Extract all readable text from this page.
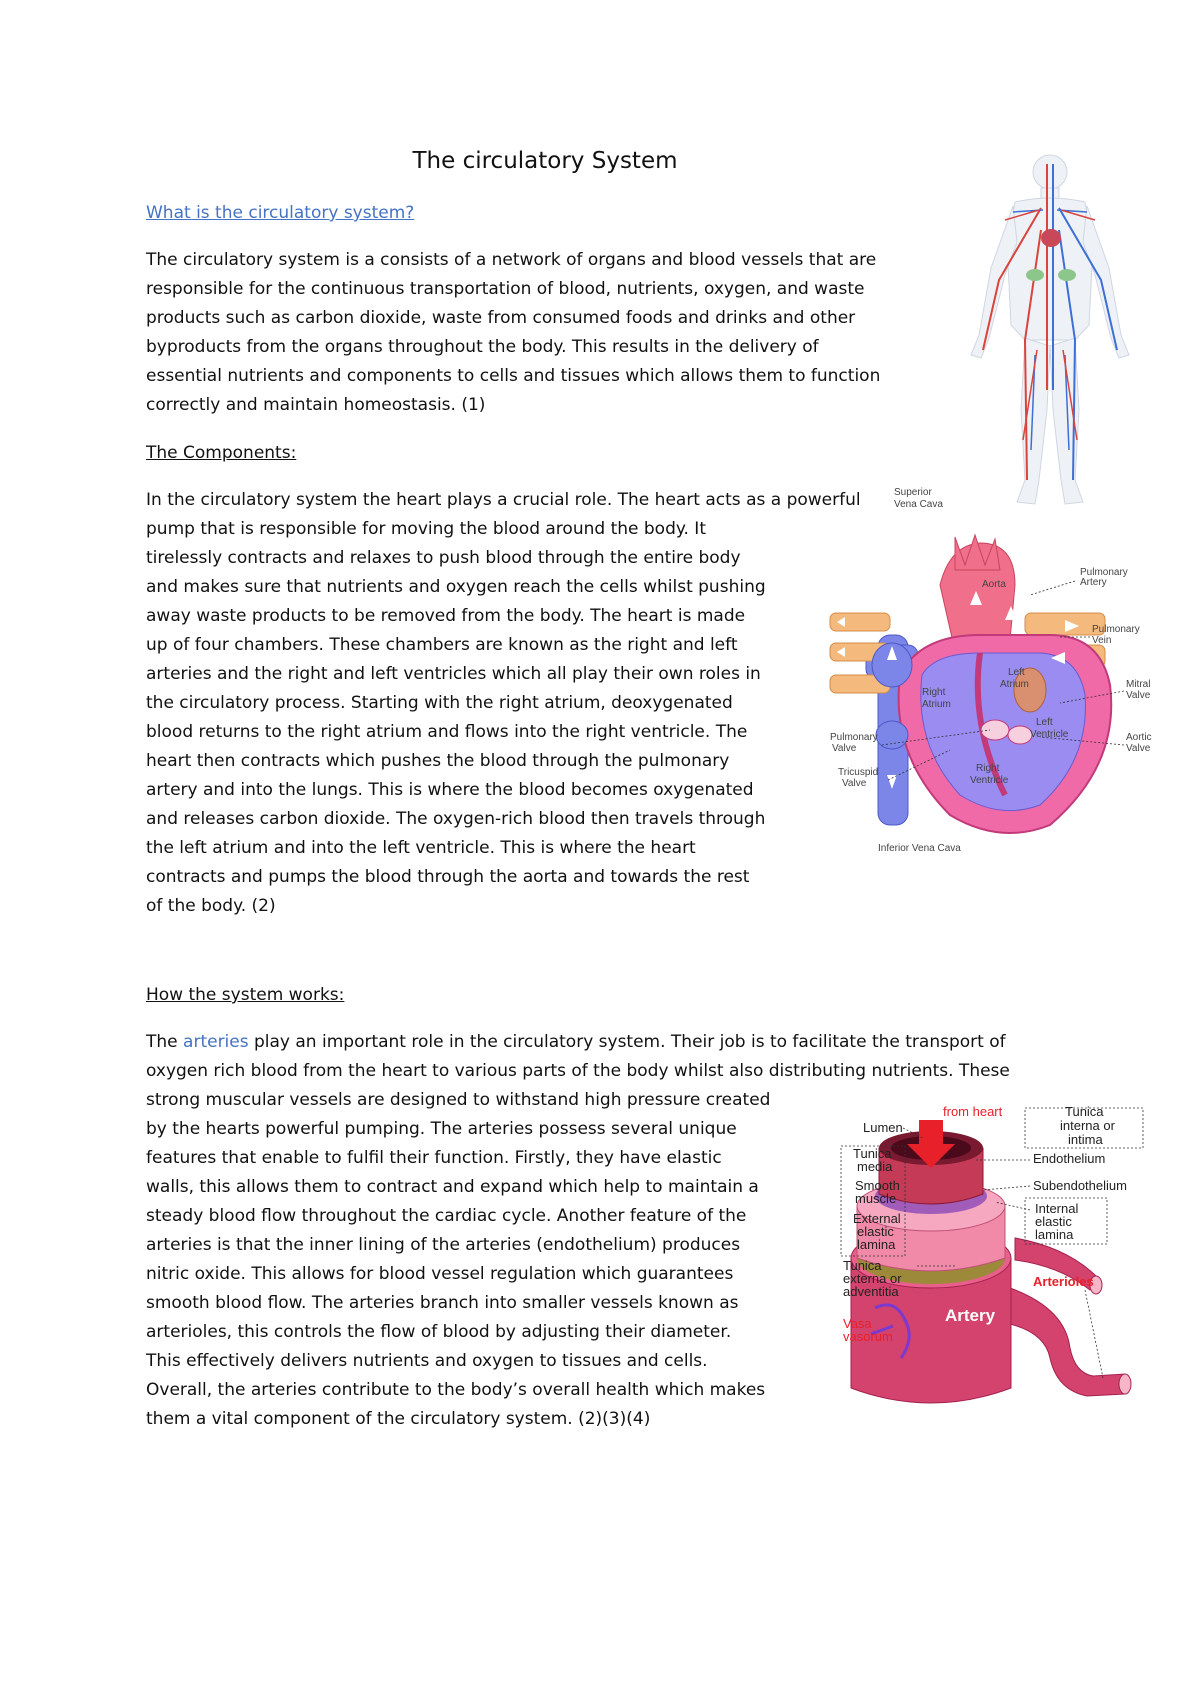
The circulatory System

What is the circulatory system?

The circulatory system is a consists of a network of organs and blood vessels that are
responsible for the continuous transportation of blood, nutrients, oxygen, and waste
products such as carbon dioxide, waste from consumed foods and drinks and other
byproducts from the organs throughout the body. This results in the delivery of
essential nutrients and components to cells and tissues which allows them to function
correctly and maintain homeostasis. (1)

The Components:

In the circulatory system the heart plays a crucial role. The heart acts as a powerful
pump that is responsible for moving the blood around the body. It
tirelessly contracts and relaxes to push blood through the entire body
and makes sure that nutrients and oxygen reach the cells whilst pushing
away waste products to be removed from the body. The heart is made
up of four chambers. These chambers are known as the right and left
arteries and the right and left ventricles which all play their own roles in
the circulatory process. Starting with the right atrium, deoxygenated
blood returns to the right atrium and flows into the right ventricle. The
heart then contracts which pushes the blood through the pulmonary
artery and into the lungs. This is where the blood becomes oxygenated
and releases carbon dioxide. The oxygen-rich blood then travels through
the left atrium and into the left ventricle. This is where the heart
contracts and pumps the blood through the aorta and towards the rest
of the body. (2)

How the system works:

The arteries play an important role in the circulatory system. Their job is to facilitate the transport of
oxygen rich blood from the heart to various parts of the body whilst also distributing nutrients. These
strong muscular vessels are designed to withstand high pressure created
by the hearts powerful pumping. The arteries possess several unique
features that enable to fulfil their function. Firstly, they have elastic
walls, this allows them to contract and expand which help to maintain a
steady blood flow throughout the cardiac cycle. Another feature of the
arteries is that the inner lining of the arteries (endothelium) produces
nitric oxide. This allows for blood vessel regulation which guarantees
smooth blood flow. The arteries branch into smaller vessels known as
arterioles, this controls the flow of blood by adjusting their diameter.
This effectively delivers nutrients and oxygen to tissues and cells.
Overall, the arteries contribute to the body’s overall health which makes
them a vital component of the circulatory system. (2)(3)(4)
Superior
Vena Cava
Aorta
Pulmonary
Artery
Pulmonary
Vein
Right
Atrium
Left
Atrium	Mitral
Valve
Pulmonary
Valve
Aortic
Valve
Left
Ventricle
Tricuspid
Valve
Right
Ventricle
Inferior Vena Cava
Lumen
from heart	Tunica
interna or
intima
Tunica
media
Endothelium
Smooth
muscle
Subendothelium
External
elastic
lamina
Internal
elastic
lamina
Tunica
externa or
adventitia
Arterioles
Artery
Vasa
vasorum
